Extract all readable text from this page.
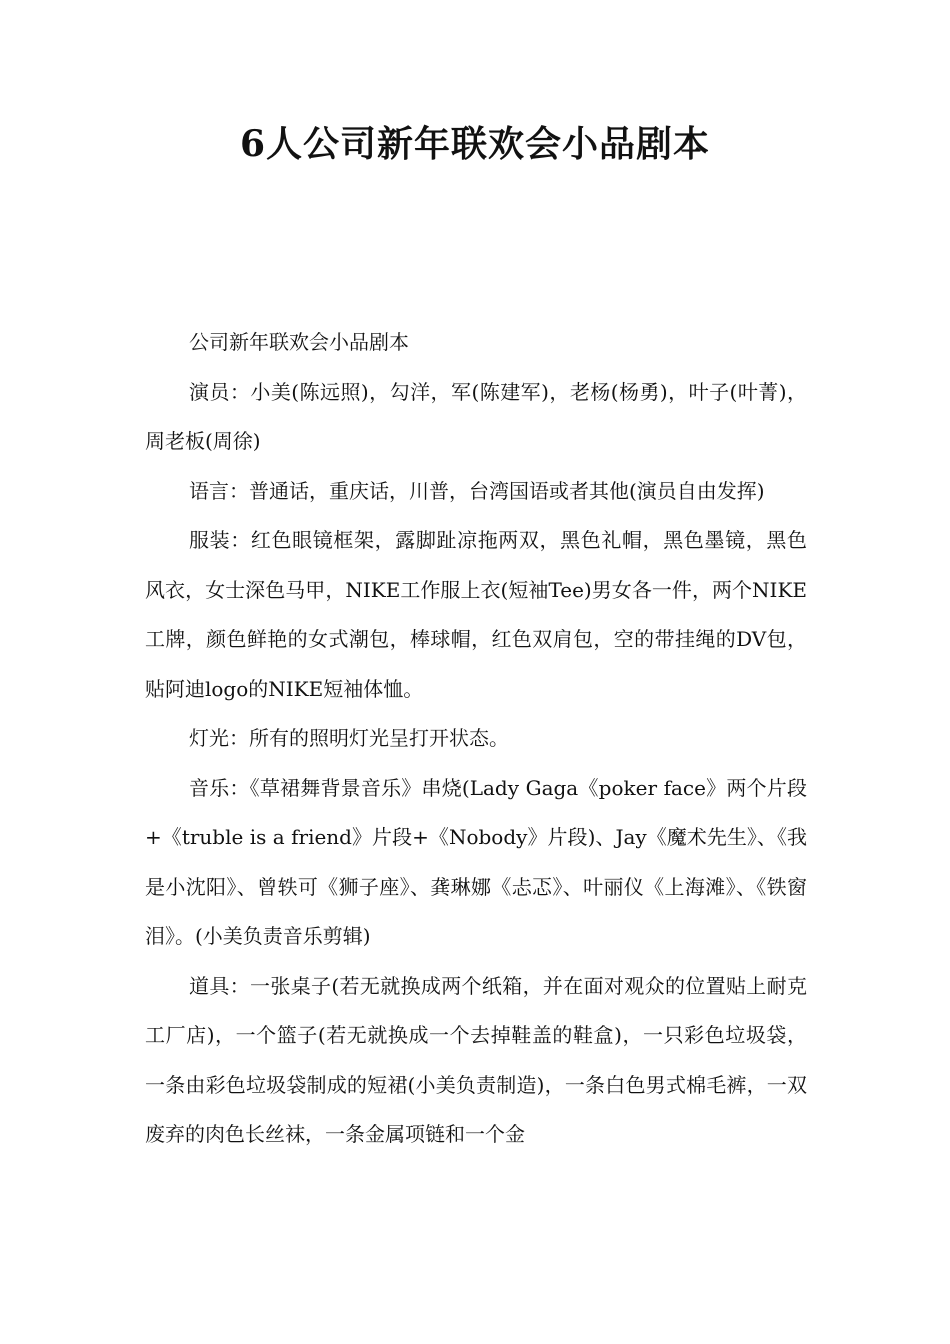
6人公司新年联欢会小品剧本

公司新年联欢会小品剧本

演员：小美(陈远照)，勾洋，军(陈建军)，老杨(杨勇)，叶子(叶菁)，周老板(周徐)

语言：普通话，重庆话，川普，台湾国语或者其他(演员自由发挥)

服装：红色眼镜框架，露脚趾凉拖两双，黑色礼帽，黑色墨镜，黑色风衣，女士深色马甲，NIKE工作服上衣(短袖Tee)男女各一件，两个NIKE工牌，颜色鲜艳的女式潮包，棒球帽，红色双肩包，空的带挂绳的DV包，贴阿迪logo的NIKE短袖体恤。

灯光：所有的照明灯光呈打开状态。

音乐：《草裙舞背景音乐》串烧(Lady Gaga《poker face》两个片段+《truble is a friend》片段+《Nobody》片段)、Jay《魔术先生》、《我是小沈阳》、曾轶可《狮子座》、龚琳娜《忐忑》、叶丽仪《上海滩》、《铁窗泪》。(小美负责音乐剪辑)

道具：一张桌子(若无就换成两个纸箱，并在面对观众的位置贴上耐克工厂店)，一个篮子(若无就换成一个去掉鞋盖的鞋盒)，一只彩色垃圾袋，一条由彩色垃圾袋制成的短裙(小美负责制造)，一条白色男式棉毛裤，一双废弃的肉色长丝袜，一条金属项链和一个金
